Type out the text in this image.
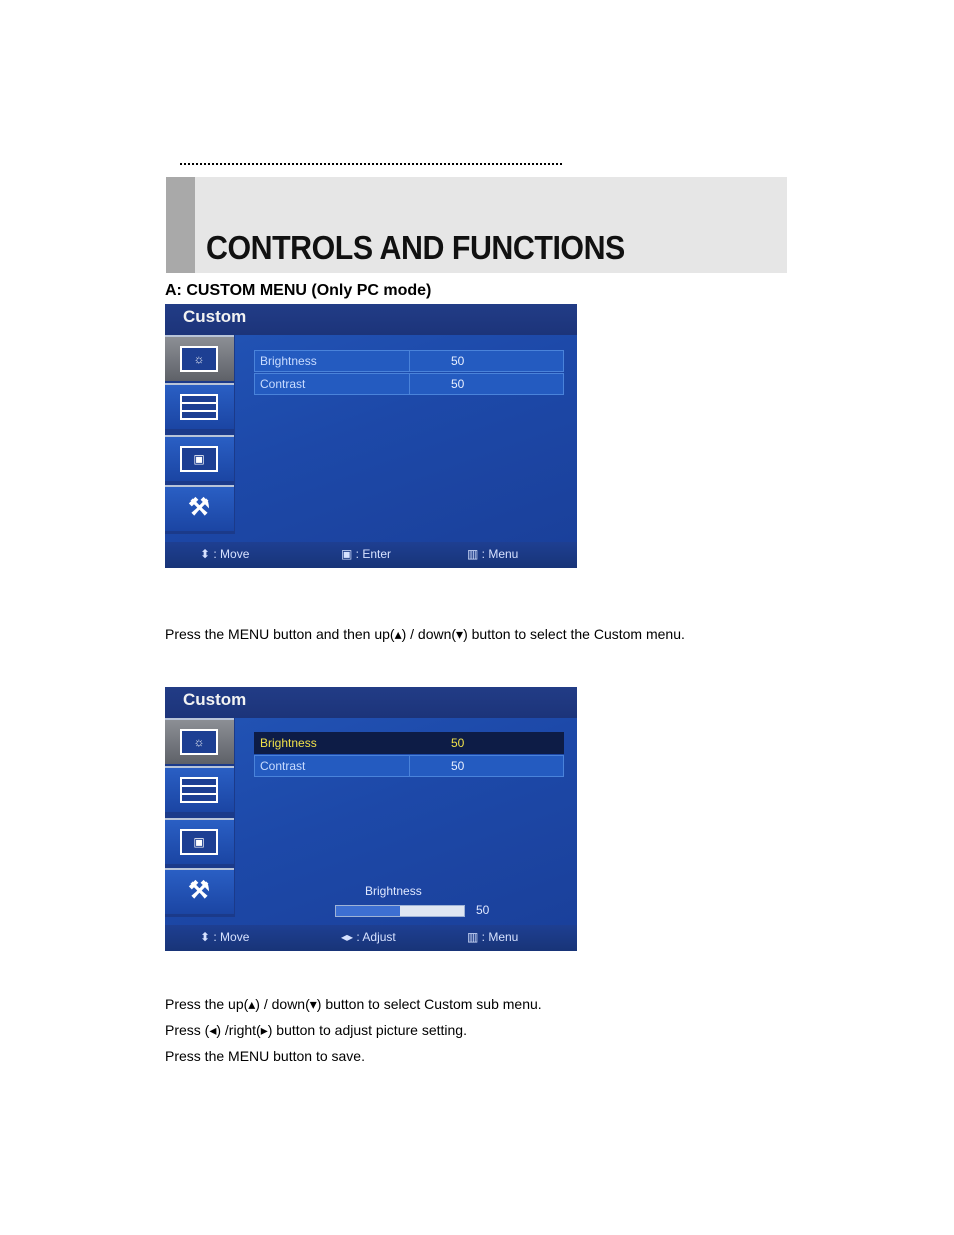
CONTROLS AND FUNCTIONS
A: CUSTOM MENU (Only PC mode)
Custom
☼
▣
⚒
Brightness	50
Contrast	50
⬍ : Move	▣ : Enter	▥ : Menu
Press the MENU button and then up(▴) / down(▾) button to select the Custom menu.
Custom
☼
▣
⚒
Brightness	50
Contrast	50
Brightness
50
⬍ : Move	◂▸ : Adjust	▥ : Menu
Press the up(▴) / down(▾) button to select Custom sub menu.
Press (◂) /right(▸) button to adjust picture setting.
Press the MENU button to save.
